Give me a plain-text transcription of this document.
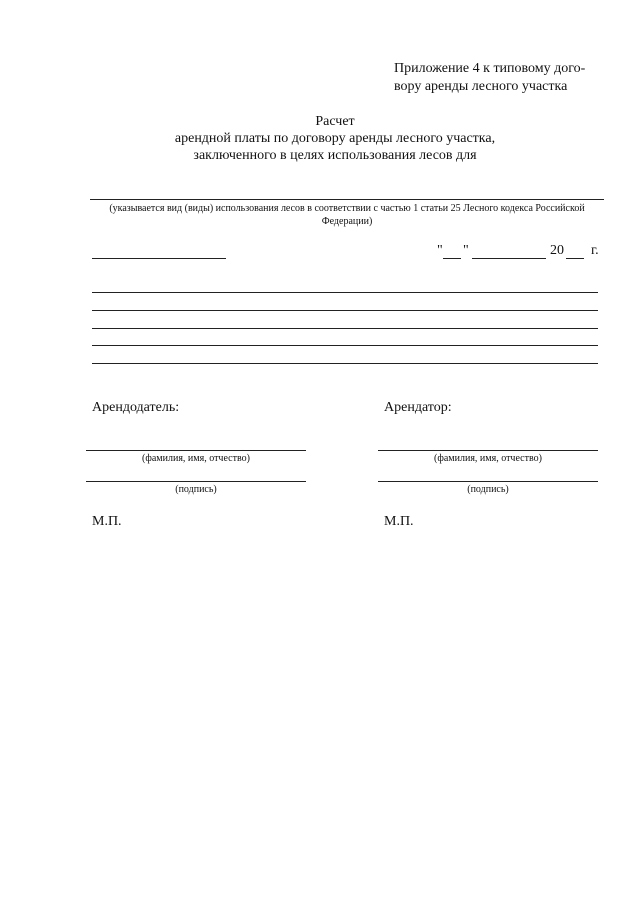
Приложение 4 к типовому дого-
вору аренды лесного участка
Расчет
арендной платы по договору аренды лесного участка,
заключенного в целях использования лесов для
(указывается вид (виды) использования лесов в соответствии с частью 1 статьи 25 Лесного кодекса Российской
Федерации)
" "	20 г.
Арендодатель:
(фамилия, имя, отчество)
(подпись)
М.П.
Арендатор:
(фамилия, имя, отчество)
(подпись)
М.П.
